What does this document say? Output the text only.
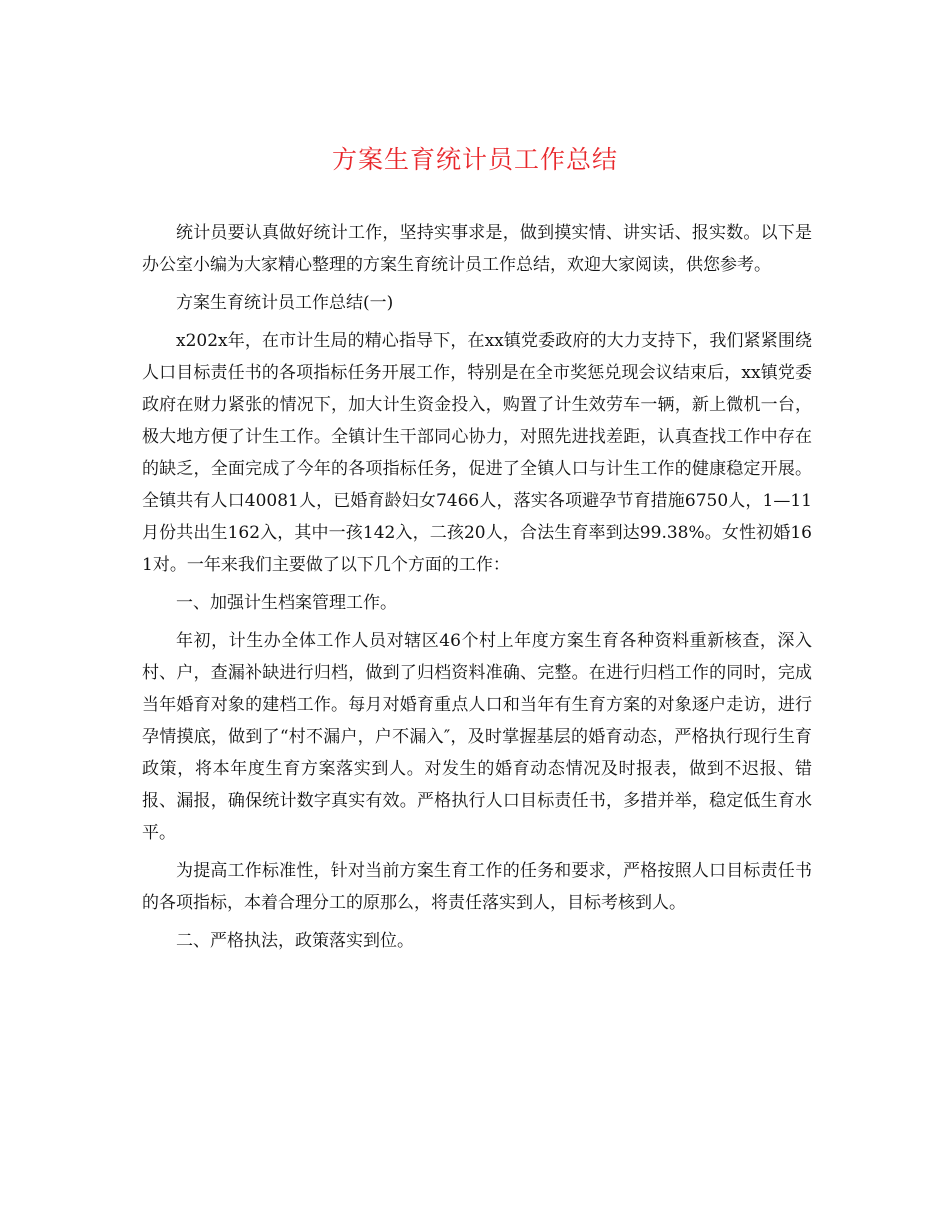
方案生育统计员工作总结

统计员要认真做好统计工作，坚持实事求是，做到摸实情、讲实话、报实数。以下是办公室小编为大家精心整理的方案生育统计员工作总结，欢迎大家阅读，供您参考。

方案生育统计员工作总结(一)

x202x年，在市计生局的精心指导下，在xx镇党委政府的大力支持下，我们紧紧围绕人口目标责任书的各项指标任务开展工作，特别是在全市奖惩兑现会议结束后，xx镇党委政府在财力紧张的情况下，加大计生资金投入，购置了计生效劳车一辆，新上微机一台，极大地方便了计生工作。全镇计生干部同心协力，对照先进找差距，认真查找工作中存在的缺乏，全面完成了今年的各项指标任务，促进了全镇人口与计生工作的健康稳定开展。全镇共有人口40081人，已婚育龄妇女7466人，落实各项避孕节育措施6750人，1—11月份共出生162入，其中一孩142入，二孩20人，合法生育率到达99.38%。女性初婚161对。一年来我们主要做了以下几个方面的工作：

一、加强计生档案管理工作。

年初，计生办全体工作人员对辖区46个村上年度方案生育各种资料重新核查，深入村、户，查漏补缺进行归档，做到了归档资料准确、完整。在进行归档工作的同时，完成当年婚育对象的建档工作。每月对婚育重点人口和当年有生育方案的对象逐户走访，进行孕情摸底，做到了“村不漏户，户不漏入″，及时掌握基层的婚育动态，严格执行现行生育政策，将本年度生育方案落实到人。对发生的婚育动态情况及时报表，做到不迟报、错报、漏报，确保统计数字真实有效。严格执行人口目标责任书，多措并举，稳定低生育水平。

为提高工作标准性，针对当前方案生育工作的任务和要求，严格按照人口目标责任书的各项指标，本着合理分工的原那么，将责任落实到人，目标考核到人。

二、严格执法，政策落实到位。
